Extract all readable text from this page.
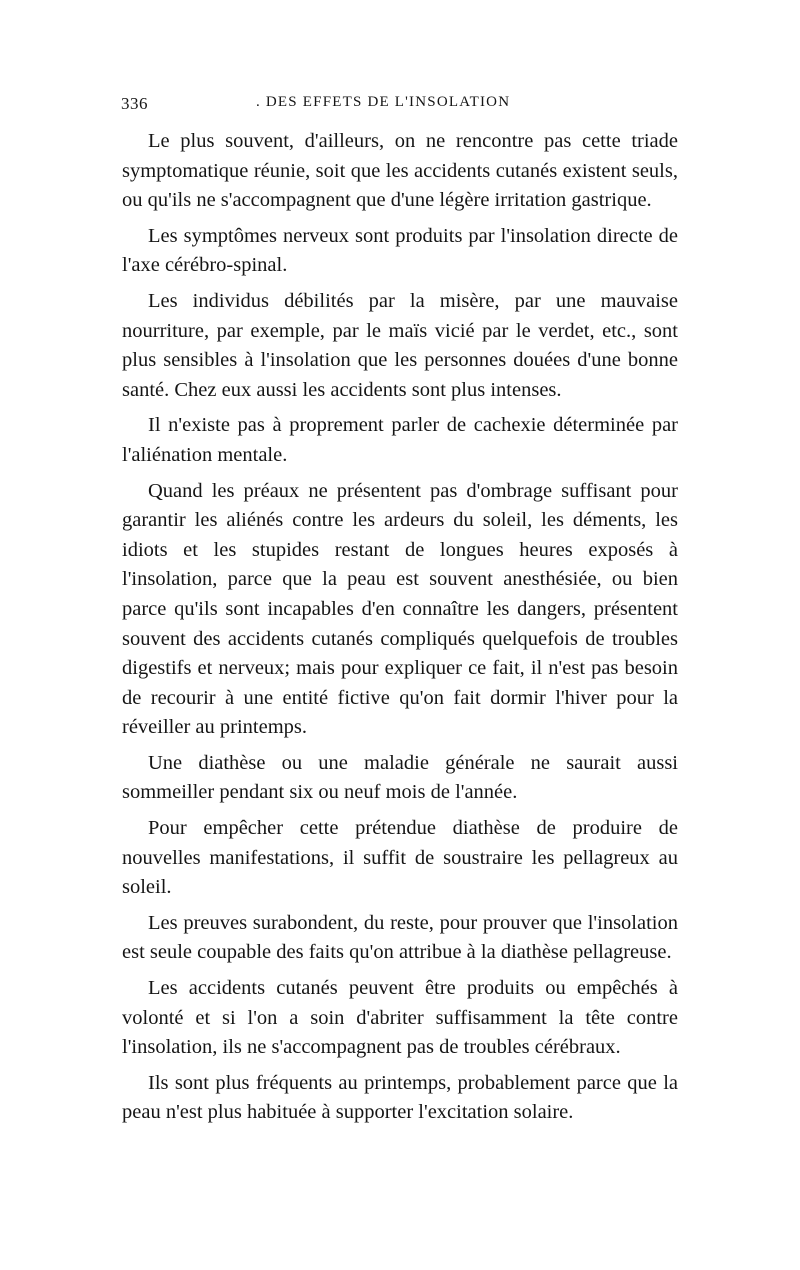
336	. DES EFFETS DE L'INSOLATION

Le plus souvent, d'ailleurs, on ne rencontre pas cette triade symptomatique réunie, soit que les accidents cutanés existent seuls, ou qu'ils ne s'accompagnent que d'une légère irritation gastrique.

Les symptômes nerveux sont produits par l'insolation directe de l'axe cérébro-spinal.

Les individus débilités par la misère, par une mauvaise nourriture, par exemple, par le maïs vicié par le verdet, etc., sont plus sensibles à l'insolation que les personnes douées d'une bonne santé. Chez eux aussi les accidents sont plus intenses.

Il n'existe pas à proprement parler de cachexie déterminée par l'aliénation mentale.

Quand les préaux ne présentent pas d'ombrage suffisant pour garantir les aliénés contre les ardeurs du soleil, les déments, les idiots et les stupides restant de longues heures exposés à l'insolation, parce que la peau est souvent anesthésiée, ou bien parce qu'ils sont incapables d'en connaître les dangers, présentent souvent des accidents cutanés compliqués quelquefois de troubles digestifs et nerveux; mais pour expliquer ce fait, il n'est pas besoin de recourir à une entité fictive qu'on fait dormir l'hiver pour la réveiller au printemps.

Une diathèse ou une maladie générale ne saurait aussi sommeiller pendant six ou neuf mois de l'année.

Pour empêcher cette prétendue diathèse de produire de nouvelles manifestations, il suffit de soustraire les pellagreux au soleil.

Les preuves surabondent, du reste, pour prouver que l'insolation est seule coupable des faits qu'on attribue à la diathèse pellagreuse.

Les accidents cutanés peuvent être produits ou empêchés à volonté et si l'on a soin d'abriter suffisamment la tête contre l'insolation, ils ne s'accompagnent pas de troubles cérébraux.

Ils sont plus fréquents au printemps, probablement parce que la peau n'est plus habituée à supporter l'excitation solaire.
